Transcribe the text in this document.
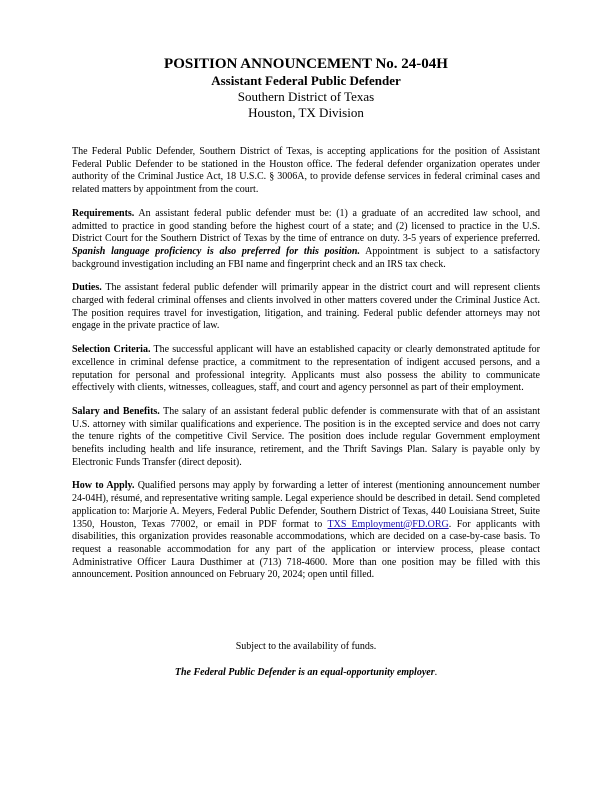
POSITION ANNOUNCEMENT No. 24-04H

Assistant Federal Public Defender

Southern District of Texas

Houston, TX Division

The Federal Public Defender, Southern District of Texas, is accepting applications for the position of Assistant Federal Public Defender to be stationed in the Houston office. The federal defender organization operates under authority of the Criminal Justice Act, 18 U.S.C. § 3006A, to provide defense services in federal criminal cases and related matters by appointment from the court.

Requirements. An assistant federal public defender must be: (1) a graduate of an accredited law school, and admitted to practice in good standing before the highest court of a state; and (2) licensed to practice in the U.S. District Court for the Southern District of Texas by the time of entrance on duty. 3-5 years of experience preferred. Spanish language proficiency is also preferred for this position. Appointment is subject to a satisfactory background investigation including an FBI name and fingerprint check and an IRS tax check.

Duties. The assistant federal public defender will primarily appear in the district court and will represent clients charged with federal criminal offenses and clients involved in other matters covered under the Criminal Justice Act. The position requires travel for investigation, litigation, and training. Federal public defender attorneys may not engage in the private practice of law.

Selection Criteria. The successful applicant will have an established capacity or clearly demonstrated aptitude for excellence in criminal defense practice, a commitment to the representation of indigent accused persons, and a reputation for personal and professional integrity. Applicants must also possess the ability to communicate effectively with clients, witnesses, colleagues, staff, and court and agency personnel as part of their employment.

Salary and Benefits. The salary of an assistant federal public defender is commensurate with that of an assistant U.S. attorney with similar qualifications and experience. The position is in the excepted service and does not carry the tenure rights of the competitive Civil Service. The position does include regular Government employment benefits including health and life insurance, retirement, and the Thrift Savings Plan. Salary is payable only by Electronic Funds Transfer (direct deposit).

How to Apply. Qualified persons may apply by forwarding a letter of interest (mentioning announcement number 24-04H), résumé, and representative writing sample. Legal experience should be described in detail. Send completed application to: Marjorie A. Meyers, Federal Public Defender, Southern District of Texas, 440 Louisiana Street, Suite 1350, Houston, Texas 77002, or email in PDF format to TXS_Employment@FD.ORG. For applicants with disabilities, this organization provides reasonable accommodations, which are decided on a case-by-case basis. To request a reasonable accommodation for any part of the application or interview process, please contact Administrative Officer Laura Dusthimer at (713) 718-4600. More than one position may be filled with this announcement. Position announced on February 20, 2024; open until filled.

Subject to the availability of funds.

The Federal Public Defender is an equal-opportunity employer.
